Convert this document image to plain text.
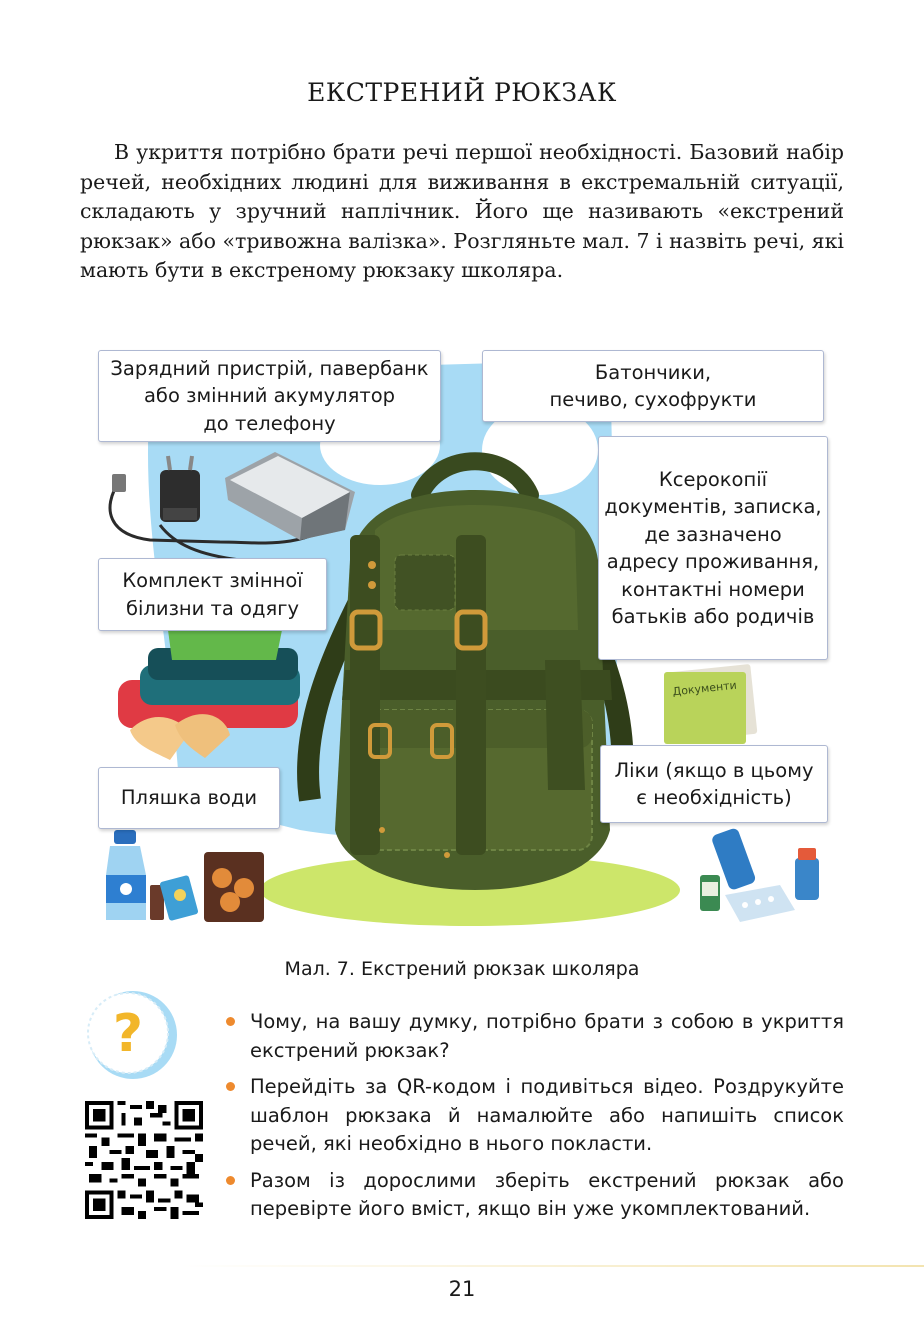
ЕКСТРЕНИЙ РЮКЗАК

В укриття потрібно брати речі першої необхідності. Базовий набір речей, необхідних людині для виживання в екстремальній ситуації, складають у зручний наплічник. Його ще називають «екстрений рюкзак» або «тривожна валізка». Розгляньте мал. 7 і назвіть речі, які мають бути в екстреному рюкзаку школяра.

Документи
Зарядний пристрій, павербанк
або змінний акумулятор
до телефону
Батончики,
печиво, сухофрукти
Ксерокопії
документів, записка,
де зазначено
адресу проживання,
контактні номери
батьків або родичів
Комплект змінної
білизни та одягу
Пляшка води
Ліки (якщо в цьому
є необхідність)
Мал. 7. Екстрений рюкзак школяра
?	Чому, на вашу думку, потрібно брати з собою в укриття екстрений рюкзак?
Перейдіть за QR-кодом і подивіться відео. Роздрукуйте шаблон рюкзака й намалюйте або напишіть список речей, які необхідно в нього покласти.
Разом із дорослими зберіть екстрений рюкзак або перевірте його вміст, якщо він уже укомплектований.
21
